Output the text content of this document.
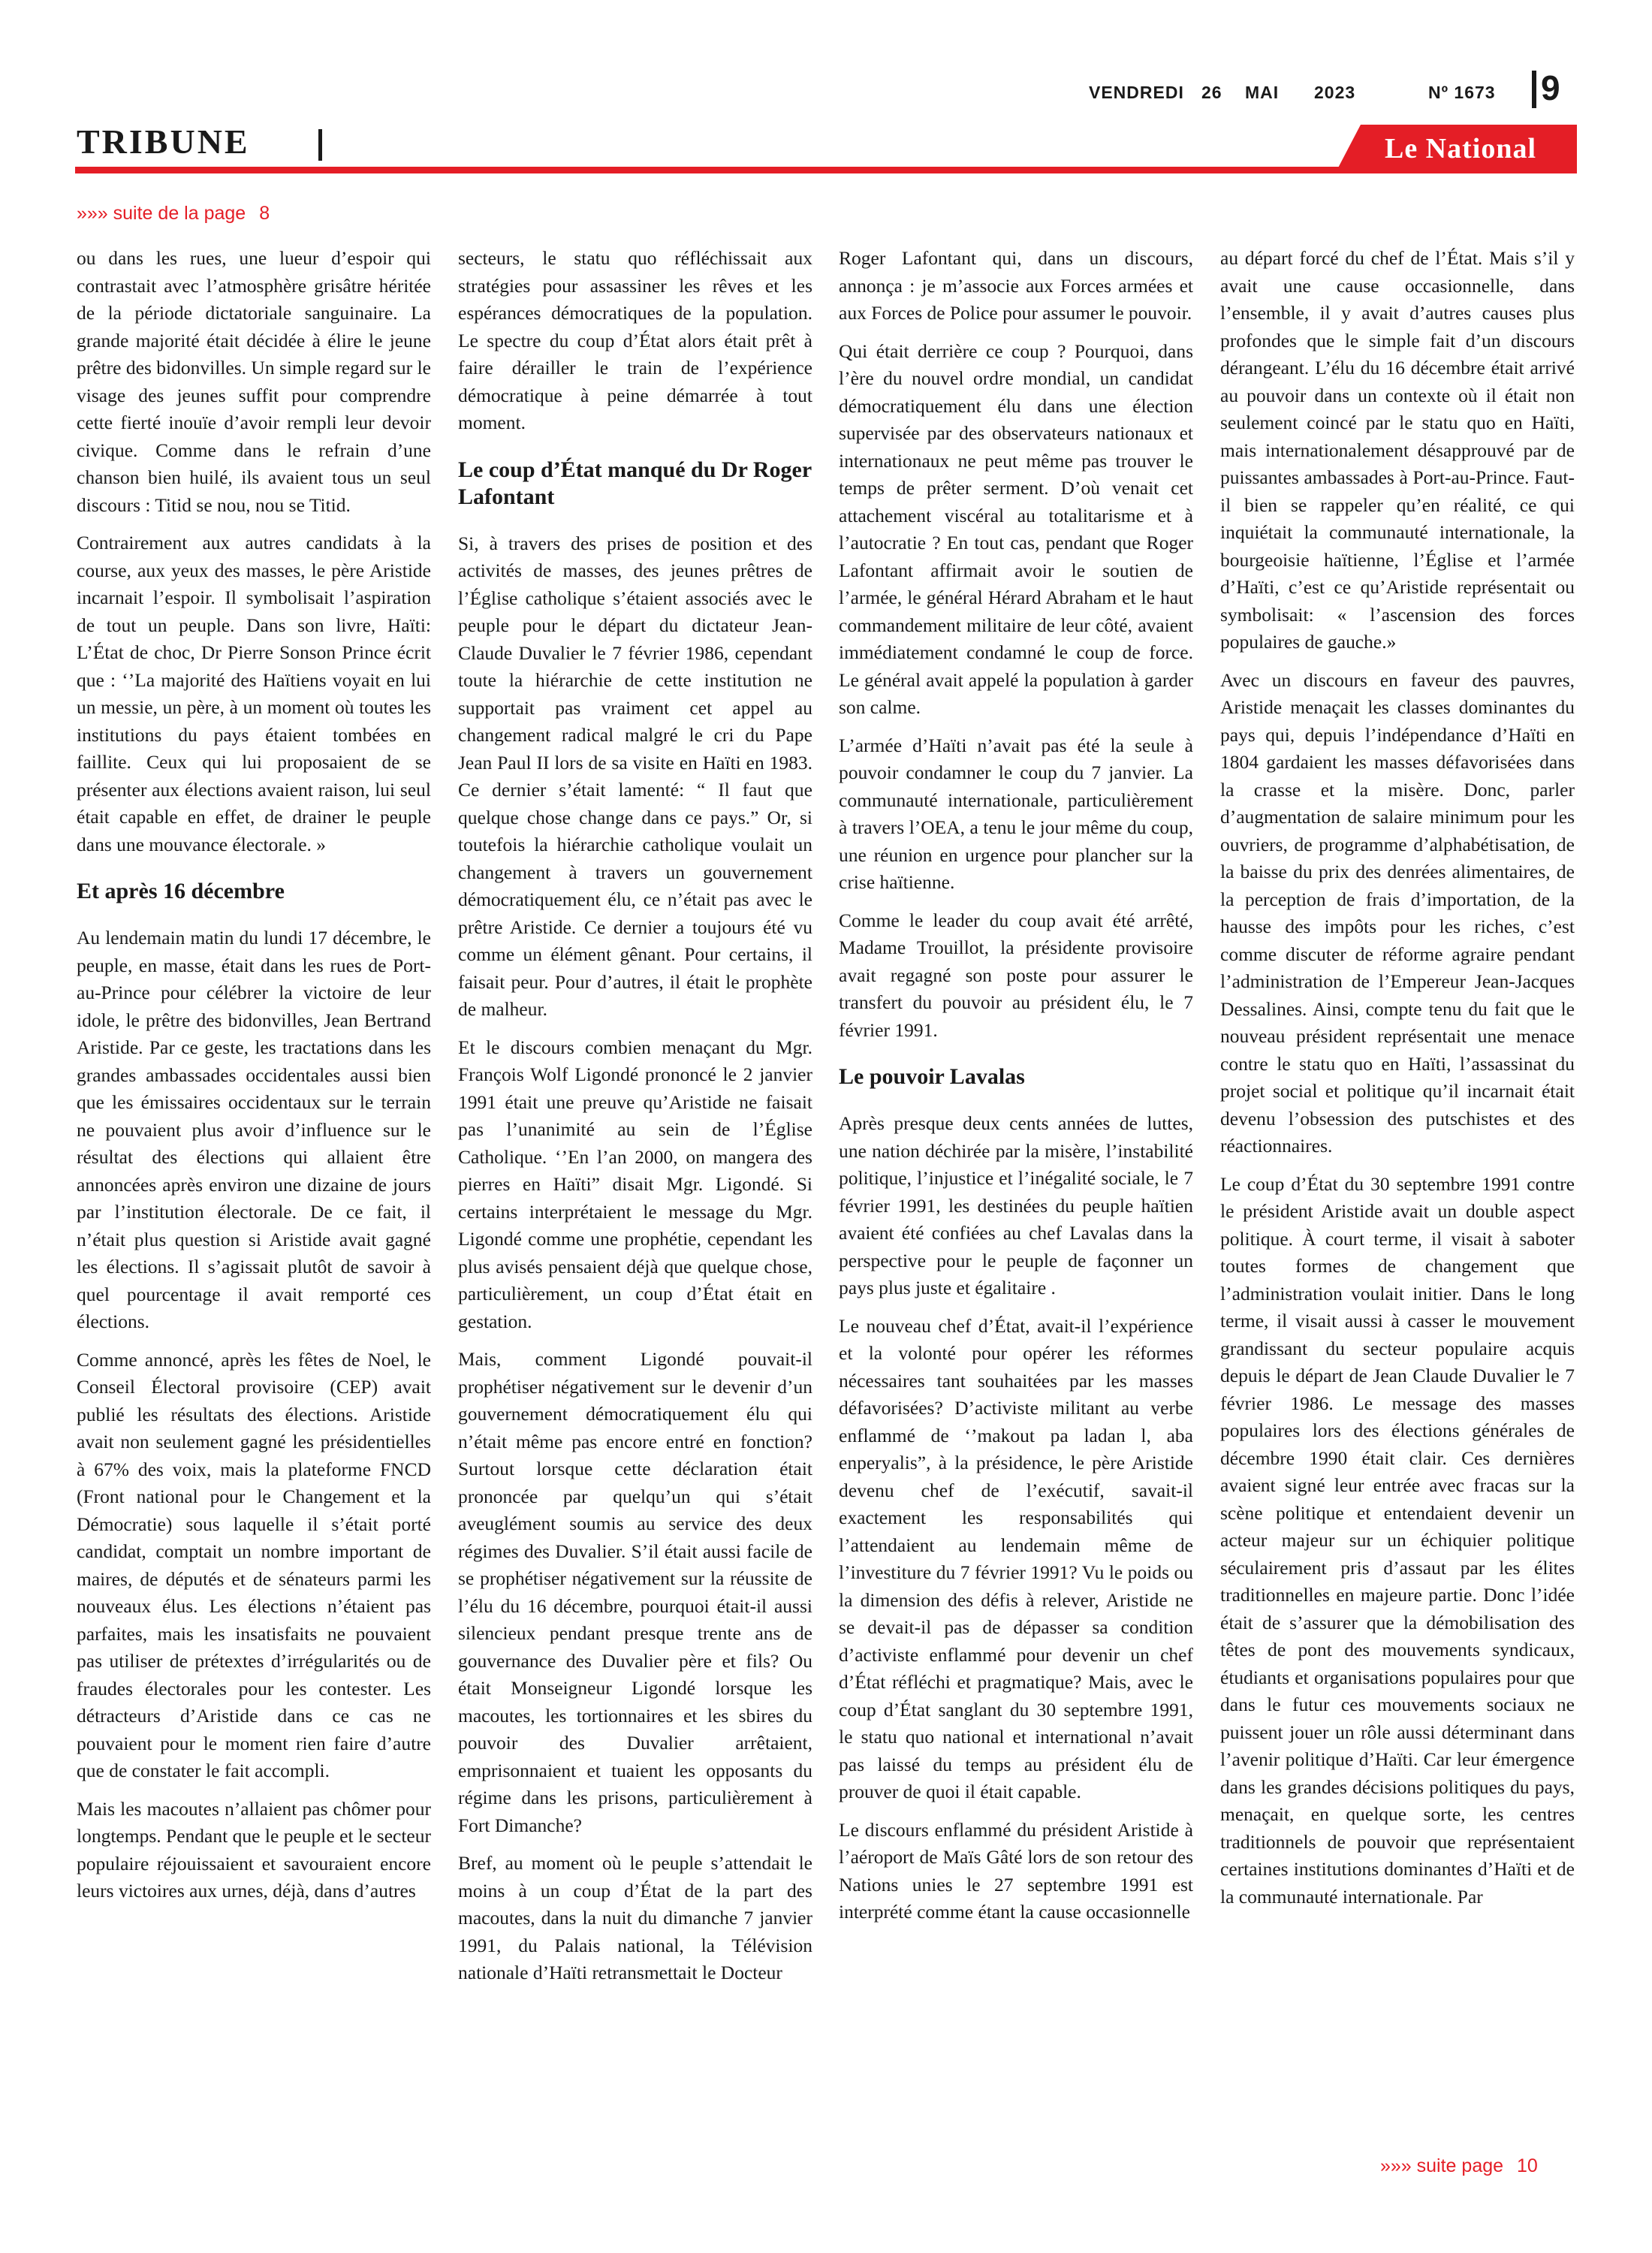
VENDREDI 26 MAI 2023	Nº 1673 9
TRIBUNE	Le National
»»» suite de la page 8

ou dans les rues, une lueur d’espoir qui contrastait avec l’atmosphère grisâtre héritée de la période dictatoriale sanguinaire. La grande majorité était décidée à élire le jeune prêtre des bidonvilles. Un simple regard sur le visage des jeunes suffit pour comprendre cette fierté inouïe d’avoir rempli leur devoir civique. Comme dans le refrain d’une chanson bien huilé, ils avaient tous un seul discours : Titid se nou, nou se Titid.

Contrairement aux autres candidats à la course, aux yeux des masses, le père Aristide incarnait l’espoir. Il symbolisait l’aspiration de tout un peuple. Dans son livre, Haïti: L’État de choc, Dr Pierre Sonson Prince écrit que : ‘’La majorité des Haïtiens voyait en lui un messie, un père, à un moment où toutes les institutions du pays étaient tombées en faillite. Ceux qui lui proposaient de se présenter aux élections avaient raison, lui seul était capable en effet, de drainer le peuple dans une mouvance électorale. »

Et après 16 décembre

Au lendemain matin du lundi 17 décembre, le peuple, en masse, était dans les rues de Port-au-Prince pour célébrer la victoire de leur idole, le prêtre des bidonvilles, Jean Bertrand Aristide. Par ce geste, les tractations dans les grandes ambassades occidentales aussi bien que les émissaires occidentaux sur le terrain ne pouvaient plus avoir d’influence sur le résultat des élections qui allaient être annoncées après environ une dizaine de jours par l’institution électorale. De ce fait, il n’était plus question si Aristide avait gagné les élections. Il s’agissait plutôt de savoir à quel pourcentage il avait remporté ces élections.

Comme annoncé, après les fêtes de Noel, le Conseil Électoral provisoire (CEP) avait publié les résultats des élections. Aristide avait non seulement gagné les présidentielles à 67% des voix, mais la plateforme FNCD (Front national pour le Changement et la Démocratie) sous laquelle il s’était porté candidat, comptait un nombre important de maires, de députés et de sénateurs parmi les nouveaux élus. Les élections n’étaient pas parfaites, mais les insatisfaits ne pouvaient pas utiliser de prétextes d’irrégularités ou de fraudes électorales pour les contester. Les détracteurs d’Aristide dans ce cas ne pouvaient pour le moment rien faire d’autre que de constater le fait accompli.

Mais les macoutes n’allaient pas chômer pour longtemps. Pendant que le peuple et le secteur populaire réjouissaient et savouraient encore leurs victoires aux urnes, déjà, dans d’autres

secteurs, le statu quo réfléchissait aux stratégies pour assassiner les rêves et les espérances démocratiques de la population. Le spectre du coup d’État alors était prêt à faire dérailler le train de l’expérience démocratique à peine démarrée à tout moment.

Le coup d’État manqué du Dr Roger Lafontant

Si, à travers des prises de position et des activités de masses, des jeunes prêtres de l’Église catholique s’étaient associés avec le peuple pour le départ du dictateur Jean-Claude Duvalier le 7 février 1986, cependant toute la hiérarchie de cette institution ne supportait pas vraiment cet appel au changement radical malgré le cri du Pape Jean Paul II lors de sa visite en Haïti en 1983. Ce dernier s’était lamenté: “ Il faut que quelque chose change dans ce pays.” Or, si toutefois la hiérarchie catholique voulait un changement à travers un gouvernement démocratiquement élu, ce n’était pas avec le prêtre Aristide. Ce dernier a toujours été vu comme un élément gênant. Pour certains, il faisait peur. Pour d’autres, il était le prophète de malheur.

Et le discours combien menaçant du Mgr. François Wolf Ligondé prononcé le 2 janvier 1991 était une preuve qu’Aristide ne faisait pas l’unanimité au sein de l’Église Catholique. ‘’En l’an 2000, on mangera des pierres en Haïti” disait Mgr. Ligondé. Si certains interprétaient le message du Mgr. Ligondé comme une prophétie, cependant les plus avisés pensaient déjà que quelque chose, particulièrement, un coup d’État était en gestation.

Mais, comment Ligondé pouvait-il prophétiser négativement sur le devenir d’un gouvernement démocratiquement élu qui n’était même pas encore entré en fonction? Surtout lorsque cette déclaration était prononcée par quelqu’un qui s’était aveuglément soumis au service des deux régimes des Duvalier. S’il était aussi facile de se prophétiser négativement sur la réussite de l’élu du 16 décembre, pourquoi était-il aussi silencieux pendant presque trente ans de gouvernance des Duvalier père et fils? Ou était Monseigneur Ligondé lorsque les macoutes, les tortionnaires et les sbires du pouvoir des Duvalier arrêtaient, emprisonnaient et tuaient les opposants du régime dans les prisons, particulièrement à Fort Dimanche?

Bref, au moment où le peuple s’attendait le moins à un coup d’État de la part des macoutes, dans la nuit du dimanche 7 janvier 1991, du Palais national, la Télévision nationale d’Haïti retransmettait le Docteur

Roger Lafontant qui, dans un discours, annonça : je m’associe aux Forces armées et aux Forces de Police pour assumer le pouvoir.

Qui était derrière ce coup ? Pourquoi, dans l’ère du nouvel ordre mondial, un candidat démocratiquement élu dans une élection supervisée par des observateurs nationaux et internationaux ne peut même pas trouver le temps de prêter serment. D’où venait cet attachement viscéral au totalitarisme et à l’autocratie ? En tout cas, pendant que Roger Lafontant affirmait avoir le soutien de l’armée, le général Hérard Abraham et le haut commandement militaire de leur côté, avaient immédiatement condamné le coup de force. Le général avait appelé la population à garder son calme.

L’armée d’Haïti n’avait pas été la seule à pouvoir condamner le coup du 7 janvier. La communauté internationale, particulièrement à travers l’OEA, a tenu le jour même du coup, une réunion en urgence pour plancher sur la crise haïtienne.

Comme le leader du coup avait été arrêté, Madame Trouillot, la présidente provisoire avait regagné son poste pour assurer le transfert du pouvoir au président élu, le 7 février 1991.

Le pouvoir Lavalas

Après presque deux cents années de luttes, une nation déchirée par la misère, l’instabilité politique, l’injustice et l’inégalité sociale, le 7 février 1991, les destinées du peuple haïtien avaient été confiées au chef Lavalas dans la perspective pour le peuple de façonner un pays plus juste et égalitaire .

Le nouveau chef d’État, avait-il l’expérience et la volonté pour opérer les réformes nécessaires tant souhaitées par les masses défavorisées? D’activiste militant au verbe enflammé de ‘’makout pa ladan l, aba enperyalis”, à la présidence, le père Aristide devenu chef de l’exécutif, savait-il exactement les responsabilités qui l’attendaient au lendemain même de l’investiture du 7 février 1991? Vu le poids ou la dimension des défis à relever, Aristide ne se devait-il pas de dépasser sa condition d’activiste enflammé pour devenir un chef d’État réfléchi et pragmatique? Mais, avec le coup d’État sanglant du 30 septembre 1991, le statu quo national et international n’avait pas laissé du temps au président élu de prouver de quoi il était capable.

Le discours enflammé du président Aristide à l’aéroport de Maïs Gâté lors de son retour des Nations unies le 27 septembre 1991 est interprété comme étant la cause occasionnelle

au départ forcé du chef de l’État. Mais s’il y avait une cause occasionnelle, dans l’ensemble, il y avait d’autres causes plus profondes que le simple fait d’un discours dérangeant. L’élu du 16 décembre était arrivé au pouvoir dans un contexte où il était non seulement coincé par le statu quo en Haïti, mais internationalement désapprouvé par de puissantes ambassades à Port-au-Prince. Faut-il bien se rappeler qu’en réalité, ce qui inquiétait la communauté internationale, la bourgeoisie haïtienne, l’Église et l’armée d’Haïti, c’est ce qu’Aristide représentait ou symbolisait: « l’ascension des forces populaires de gauche.»

Avec un discours en faveur des pauvres, Aristide menaçait les classes dominantes du pays qui, depuis l’indépendance d’Haïti en 1804 gardaient les masses défavorisées dans la crasse et la misère. Donc, parler d’augmentation de salaire minimum pour les ouvriers, de programme d’alphabétisation, de la baisse du prix des denrées alimentaires, de la perception de frais d’importation, de la hausse des impôts pour les riches, c’est comme discuter de réforme agraire pendant l’administration de l’Empereur Jean-Jacques Dessalines. Ainsi, compte tenu du fait que le nouveau président représentait une menace contre le statu quo en Haïti, l’assassinat du projet social et politique qu’il incarnait était devenu l’obsession des putschistes et des réactionnaires.

Le coup d’État du 30 septembre 1991 contre le président Aristide avait un double aspect politique. À court terme, il visait à saboter toutes formes de changement que l’administration voulait initier. Dans le long terme, il visait aussi à casser le mouvement grandissant du secteur populaire acquis depuis le départ de Jean Claude Duvalier le 7 février 1986. Le message des masses populaires lors des élections générales de décembre 1990 était clair. Ces dernières avaient signé leur entrée avec fracas sur la scène politique et entendaient devenir un acteur majeur sur un échiquier politique séculairement pris d’assaut par les élites traditionnelles en majeure partie. Donc l’idée était de s’assurer que la démobilisation des têtes de pont des mouvements syndicaux, étudiants et organisations populaires pour que dans le futur ces mouvements sociaux ne puissent jouer un rôle aussi déterminant dans l’avenir politique d’Haïti. Car leur émergence dans les grandes décisions politiques du pays, menaçait, en quelque sorte, les centres traditionnels de pouvoir que représentaient certaines institutions dominantes d’Haïti et de la communauté internationale. Par

»»» suite page 10
